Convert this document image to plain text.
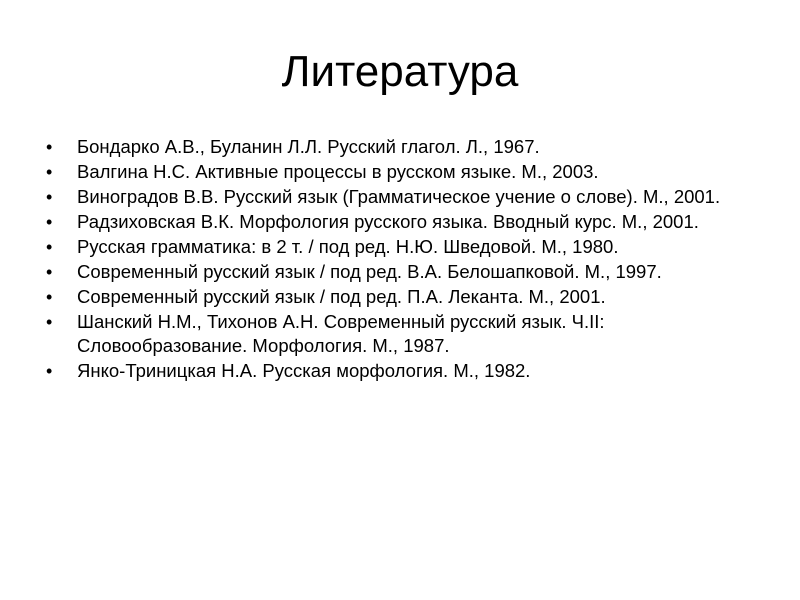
Литература
• Бондарко А.В., Буланин Л.Л. Русский глагол. Л., 1967.
• Валгина Н.С. Активные процессы в русском языке. М., 2003.
• Виноградов В.В. Русский язык (Грамматическое учение о слове). М., 2001.
• Радзиховская В.К. Морфология русского языка. Вводный курс. М., 2001.
• Русская грамматика: в 2 т. / под ред. Н.Ю. Шведовой. М., 1980.
• Современный русский язык / под ред. В.А. Белошапковой. М., 1997.
• Современный русский язык / под ред. П.А. Леканта. М., 2001.
• Шанский Н.М., Тихонов А.Н. Современный русский язык. Ч.II: Словообразование. Морфология. М., 1987.
• Янко-Триницкая Н.А. Русская морфология. М., 1982.
